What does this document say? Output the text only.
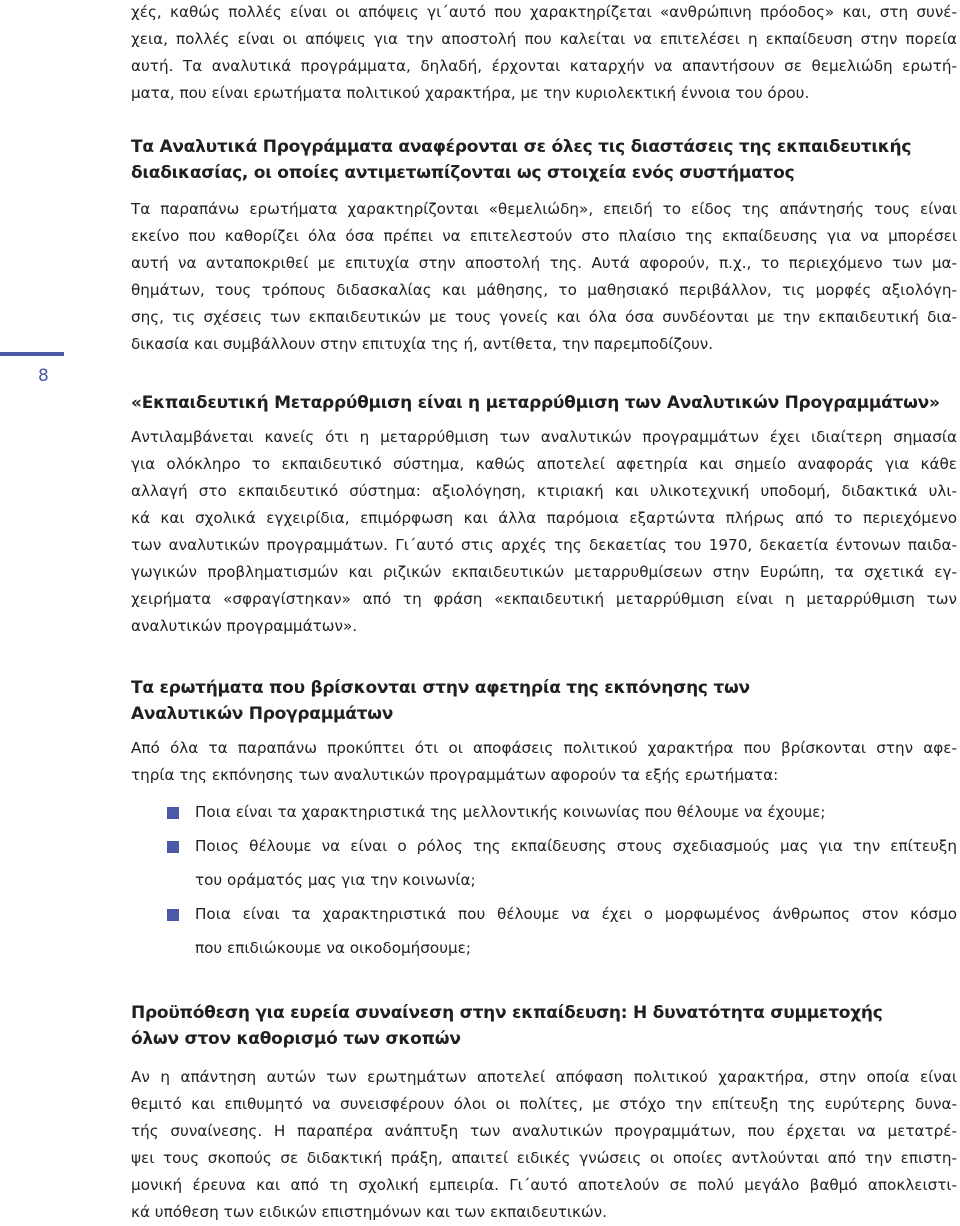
8
χές, καθώς πολλές είναι οι απόψεις γι΄αυτό που χαρακτηρίζεται «ανθρώπινη πρόοδος» και, στη συνέ-
χεια, πολλές είναι οι απόψεις για την αποστολή που καλείται να επιτελέσει η εκπαίδευση στην πορεία
αυτή. Τα αναλυτικά προγράμματα, δηλαδή, έρχονται καταρχήν να απαντήσουν σε θεμελιώδη ερωτή-
ματα, που είναι ερωτήματα πολιτικού χαρακτήρα, με την κυριολεκτική έννοια του όρου.
Τα Αναλυτικά Προγράμματα αναφέρονται σε όλες τις διαστάσεις της εκπαιδευτικής
διαδικασίας, οι οποίες αντιμετωπίζονται ως στοιχεία ενός συστήματος
Τα παραπάνω ερωτήματα χαρακτηρίζονται «θεμελιώδη», επειδή το είδος της απάντησής τους είναι
εκείνο που καθορίζει όλα όσα πρέπει να επιτελεστούν στο πλαίσιο της εκπαίδευσης για να μπορέσει
αυτή να ανταποκριθεί με επιτυχία στην αποστολή της. Αυτά αφορούν, π.χ., το περιεχόμενο των μα-
θημάτων, τους τρόπους διδασκαλίας και μάθησης, το μαθησιακό περιβάλλον, τις μορφές αξιολόγη-
σης, τις σχέσεις των εκπαιδευτικών με τους γονείς και όλα όσα συνδέονται με την εκπαιδευτική δια-
δικασία και συμβάλλουν στην επιτυχία της ή, αντίθετα, την παρεμποδίζουν.
«Εκπαιδευτική Μεταρρύθμιση είναι η μεταρρύθμιση των Αναλυτικών Προγραμμάτων»
Αντιλαμβάνεται κανείς ότι η μεταρρύθμιση των αναλυτικών προγραμμάτων έχει ιδιαίτερη σημασία
για ολόκληρο το εκπαιδευτικό σύστημα, καθώς αποτελεί αφετηρία και σημείο αναφοράς για κάθε
αλλαγή στο εκπαιδευτικό σύστημα: αξιολόγηση, κτιριακή και υλικοτεχνική υποδομή, διδακτικά υλι-
κά και σχολικά εγχειρίδια, επιμόρφωση και άλλα παρόμοια εξαρτώντα πλήρως από το περιεχόμενο
των αναλυτικών προγραμμάτων. Γι΄αυτό στις αρχές της δεκαετίας του 1970, δεκαετία έντονων παιδα-
γωγικών προβληματισμών και ριζικών εκπαιδευτικών μεταρρυθμίσεων στην Ευρώπη, τα σχετικά εγ-
χειρήματα «σφραγίστηκαν» από τη φράση «εκπαιδευτική μεταρρύθμιση είναι η μεταρρύθμιση των
αναλυτικών προγραμμάτων».
Τα ερωτήματα που βρίσκονται στην αφετηρία της εκπόνησης των
Αναλυτικών Προγραμμάτων
Από όλα τα παραπάνω προκύπτει ότι οι αποφάσεις πολιτικού χαρακτήρα που βρίσκονται στην αφε-
τηρία της εκπόνησης των αναλυτικών προγραμμάτων αφορούν τα εξής ερωτήματα:
Ποια είναι τα χαρακτηριστικά της μελλοντικής κοινωνίας που θέλουμε να έχουμε;
Ποιος θέλουμε να είναι ο ρόλος της εκπαίδευσης στους σχεδιασμούς μας για την επίτευξη
του οράματός μας για την κοινωνία;
Ποια είναι τα χαρακτηριστικά που θέλουμε να έχει ο μορφωμένος άνθρωπος στον κόσμο
που επιδιώκουμε να οικοδομήσουμε;
Προϋπόθεση για ευρεία συναίνεση στην εκπαίδευση: Η δυνατότητα συμμετοχής
όλων στον καθορισμό των σκοπών
Αν η απάντηση αυτών των ερωτημάτων αποτελεί απόφαση πολιτικού χαρακτήρα, στην οποία είναι
θεμιτό και επιθυμητό να συνεισφέρουν όλοι οι πολίτες, με στόχο την επίτευξη της ευρύτερης δυνα-
τής συναίνεσης. Η παραπέρα ανάπτυξη των αναλυτικών προγραμμάτων, που έρχεται να μετατρέ-
ψει τους σκοπούς σε διδακτική πράξη, απαιτεί ειδικές γνώσεις οι οποίες αντλούνται από την επιστη-
μονική έρευνα και από τη σχολική εμπειρία. Γι΄αυτό αποτελούν σε πολύ μεγάλο βαθμό αποκλειστι-
κά υπόθεση των ειδικών επιστημόνων και των εκπαιδευτικών.
